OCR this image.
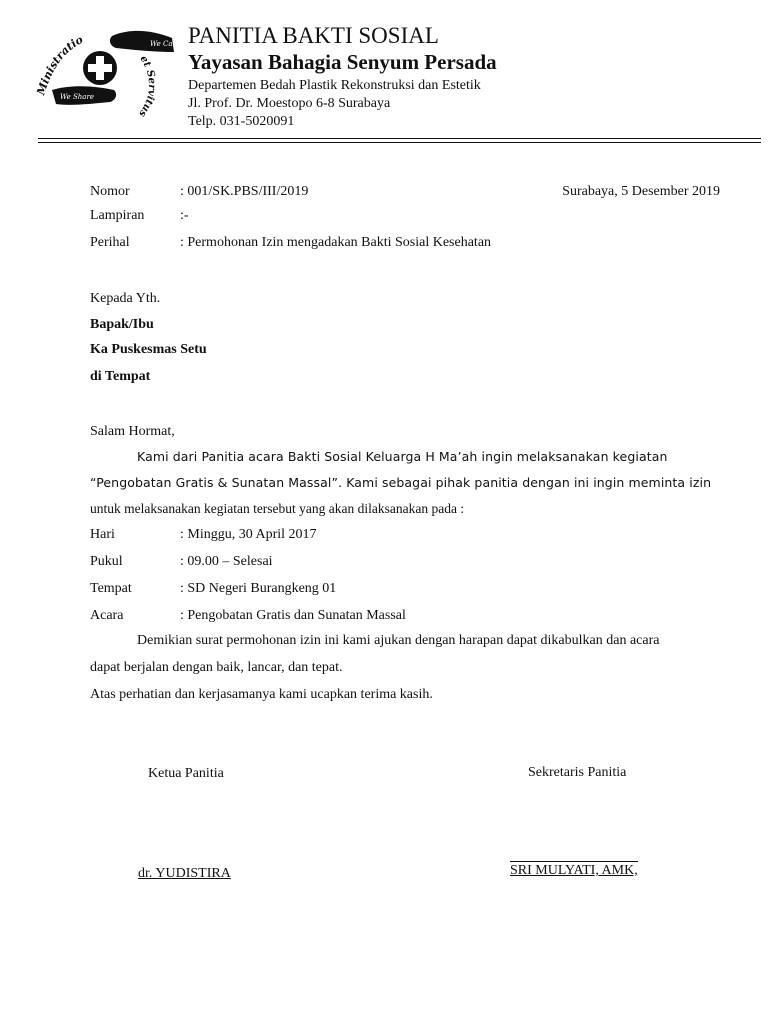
Ministratio
et Servitus
We Care
We Share
PANITIA BAKTI SOSIAL
Yayasan Bahagia Senyum Persada
Departemen Bedah Plastik Rekonstruksi dan Estetik
Jl. Prof. Dr. Moestopo 6-8 Surabaya
Telp. 031-5020091
Nomor	: 001/SK.PBS/III/2019	Surabaya, 5 Desember 2019
Lampiran	:-
Perihal	: Permohonan Izin mengadakan Bakti Sosial Kesehatan
Kepada Yth.
Bapak/Ibu
Ka Puskesmas Setu
di Tempat
Salam Hormat,
Kami dari Panitia acara Bakti Sosial Keluarga H Ma’ah ingin melaksanakan kegiatan
“Pengobatan Gratis & Sunatan Massal”. Kami sebagai pihak panitia dengan ini ingin meminta izin
untuk melaksanakan kegiatan tersebut yang akan dilaksanakan pada :
Hari	: Minggu, 30 April 2017
Pukul	: 09.00 – Selesai
Tempat	: SD Negeri Burangkeng 01
Acara	: Pengobatan Gratis dan Sunatan Massal
Demikian surat permohonan izin ini kami ajukan dengan harapan dapat dikabulkan dan acara
dapat berjalan dengan baik, lancar, dan tepat.
Atas perhatian dan kerjasamanya kami ucapkan terima kasih.
Ketua Panitia	Sekretaris Panitia
dr. YUDISTIRA	SRI MULYATI, AMK,
